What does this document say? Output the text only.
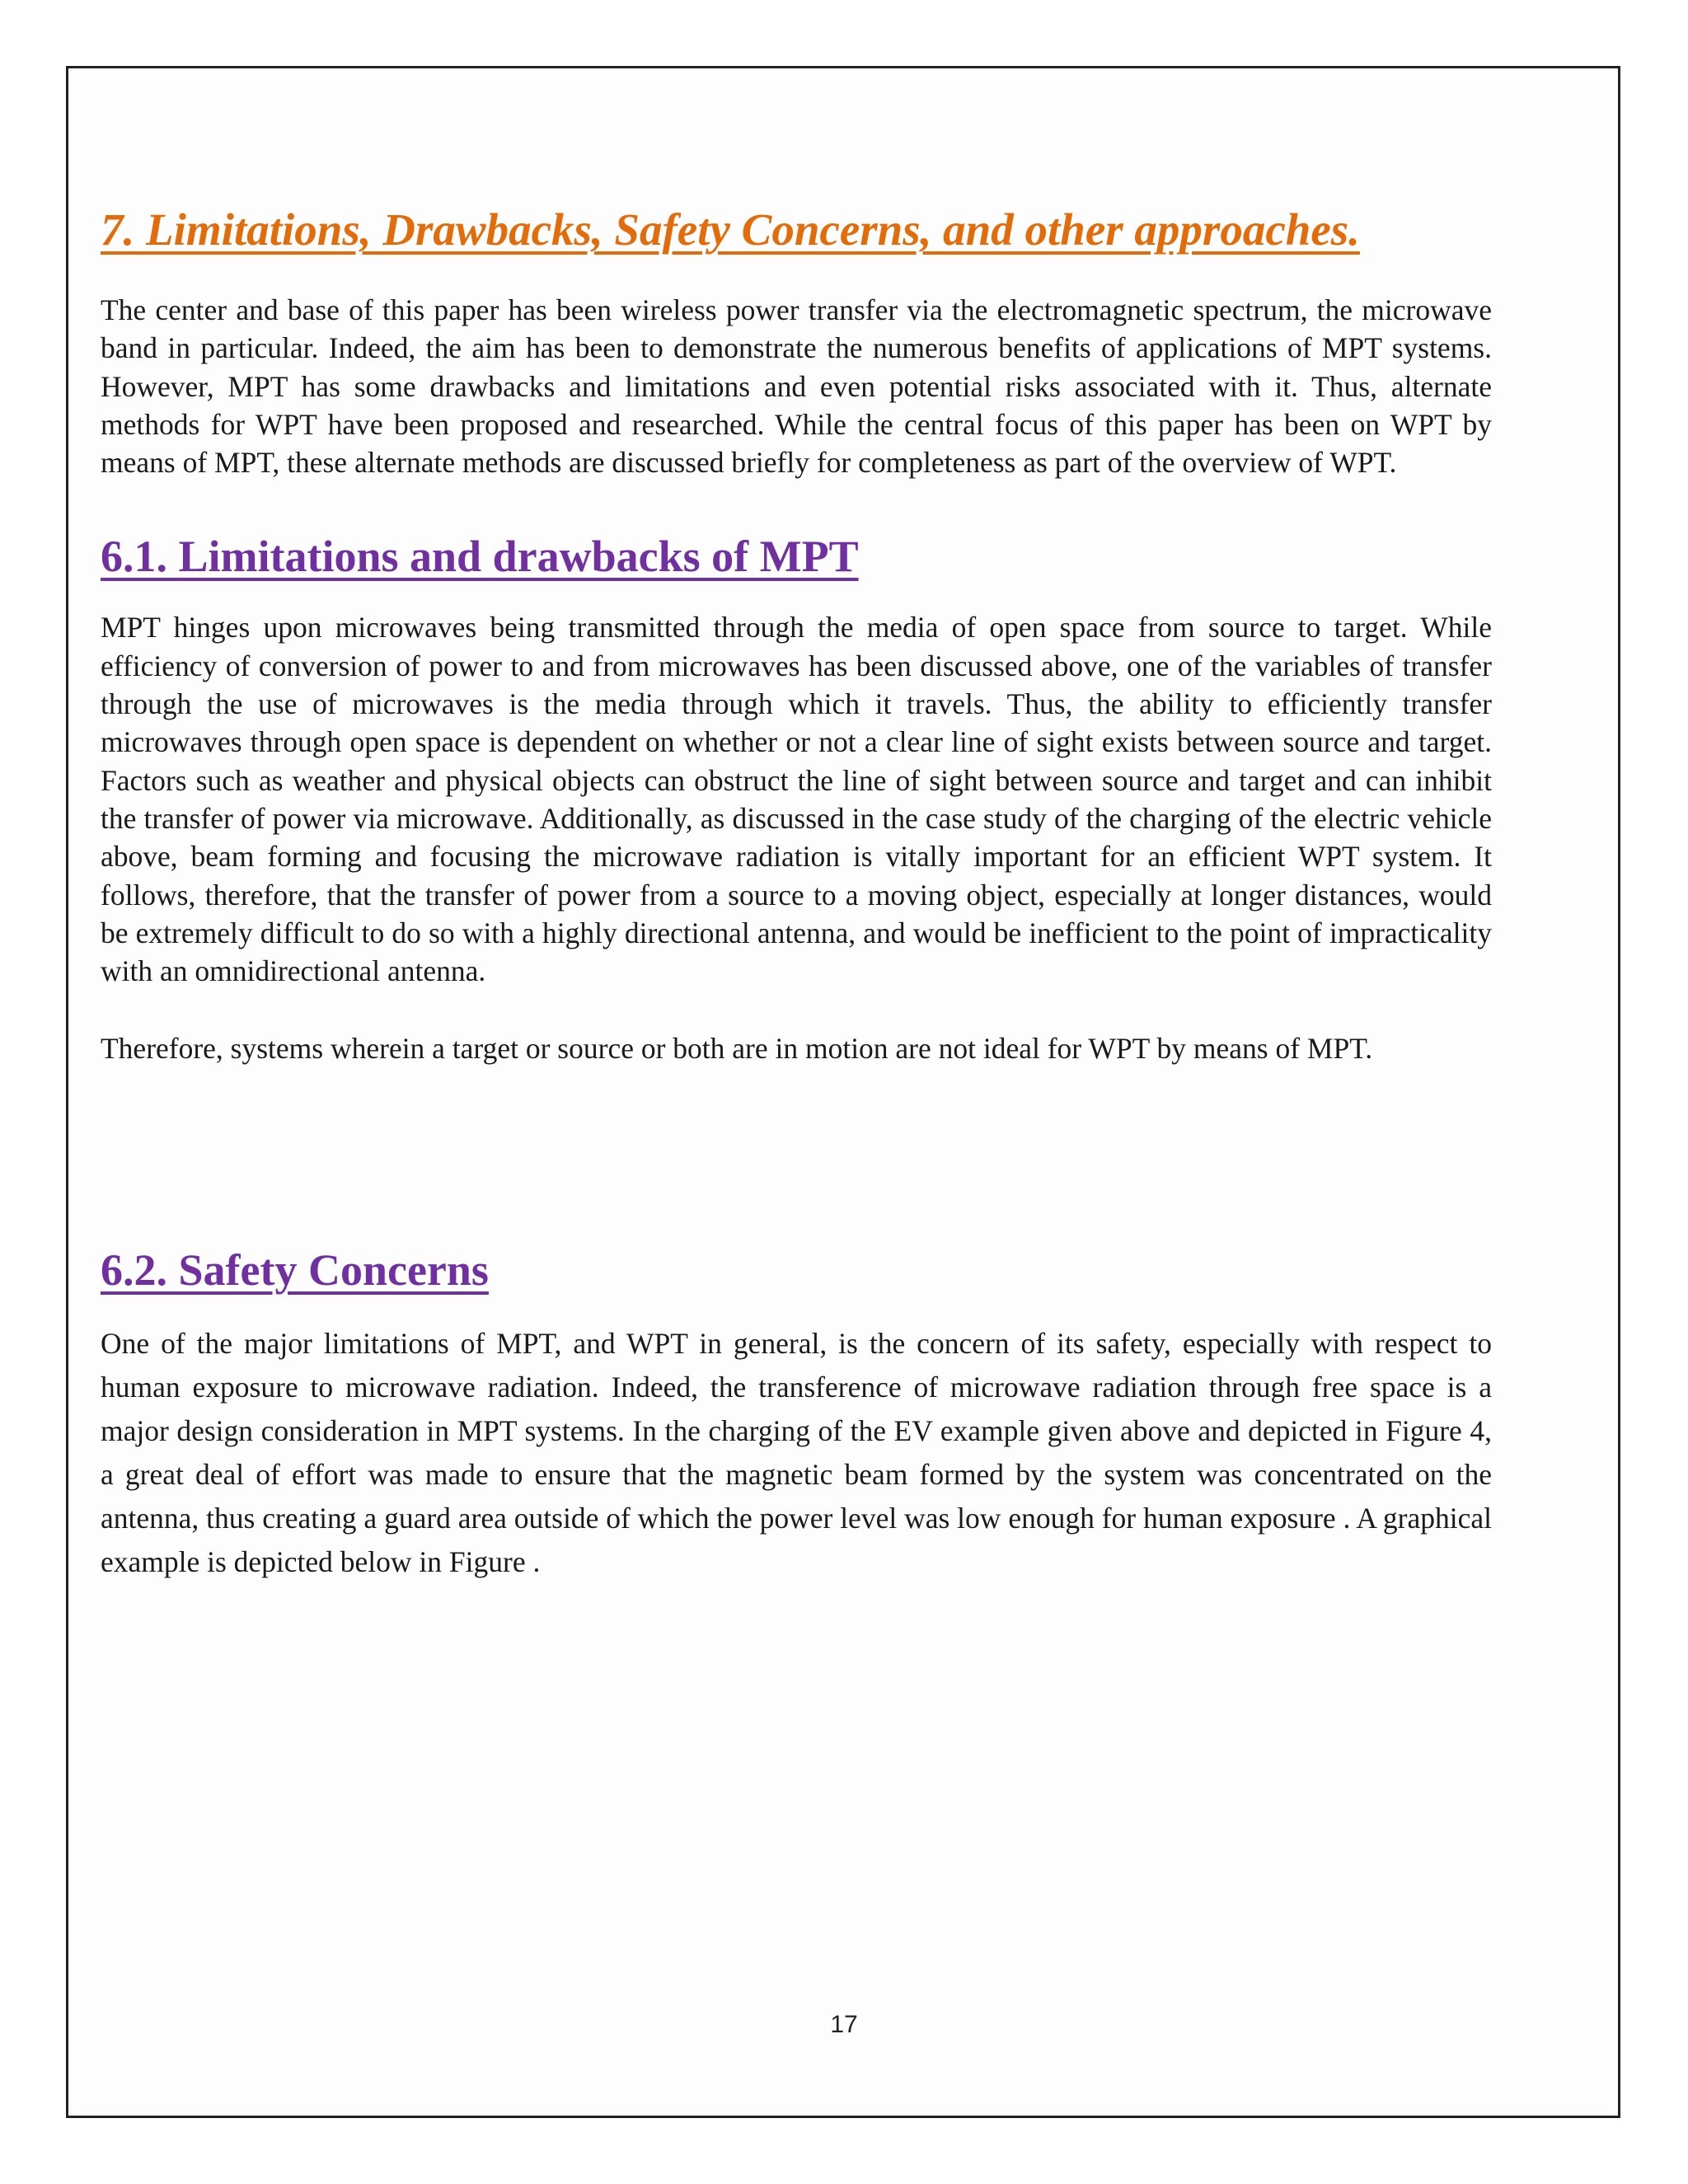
7. Limitations, Drawbacks, Safety Concerns, and other approaches.

The center and base of this paper has been wireless power transfer via the electromagnetic spectrum, the microwave band in particular. Indeed, the aim has been to demonstrate the numerous benefits of applications of MPT systems. However, MPT has some drawbacks and limitations and even potential risks associated with it. Thus, alternate methods for WPT have been proposed and researched. While the central focus of this paper has been on WPT by means of MPT, these alternate methods are discussed briefly for completeness as part of the overview of WPT.

6.1. Limitations and drawbacks of MPT

MPT hinges upon microwaves being transmitted through the media of open space from source to target. While efficiency of conversion of power to and from microwaves has been discussed above, one of the variables of transfer through the use of microwaves is the media through which it travels. Thus, the ability to efficiently transfer microwaves through open space is dependent on whether or not a clear line of sight exists between source and target. Factors such as weather and physical objects can obstruct the line of sight between source and target and can inhibit the transfer of power via microwave. Additionally, as discussed in the case study of the charging of the electric vehicle above, beam forming and focusing the microwave radiation is vitally important for an efficient WPT system. It follows, therefore, that the transfer of power from a source to a moving object, especially at longer distances, would be extremely difficult to do so with a highly directional antenna, and would be inefficient to the point of impracticality with an omnidirectional antenna.

Therefore, systems wherein a target or source or both are in motion are not ideal for WPT by means of MPT.

6.2. Safety Concerns

One of the major limitations of MPT, and WPT in general, is the concern of its safety, especially with respect to human exposure to microwave radiation. Indeed, the transference of microwave radiation through free space is a major design consideration in MPT systems. In the charging of the EV example given above and depicted in Figure 4, a great deal of effort was made to ensure that the magnetic beam formed by the system was concentrated on the antenna, thus creating a guard area outside of which the power level was low enough for human exposure . A graphical example is depicted below in Figure .

17
